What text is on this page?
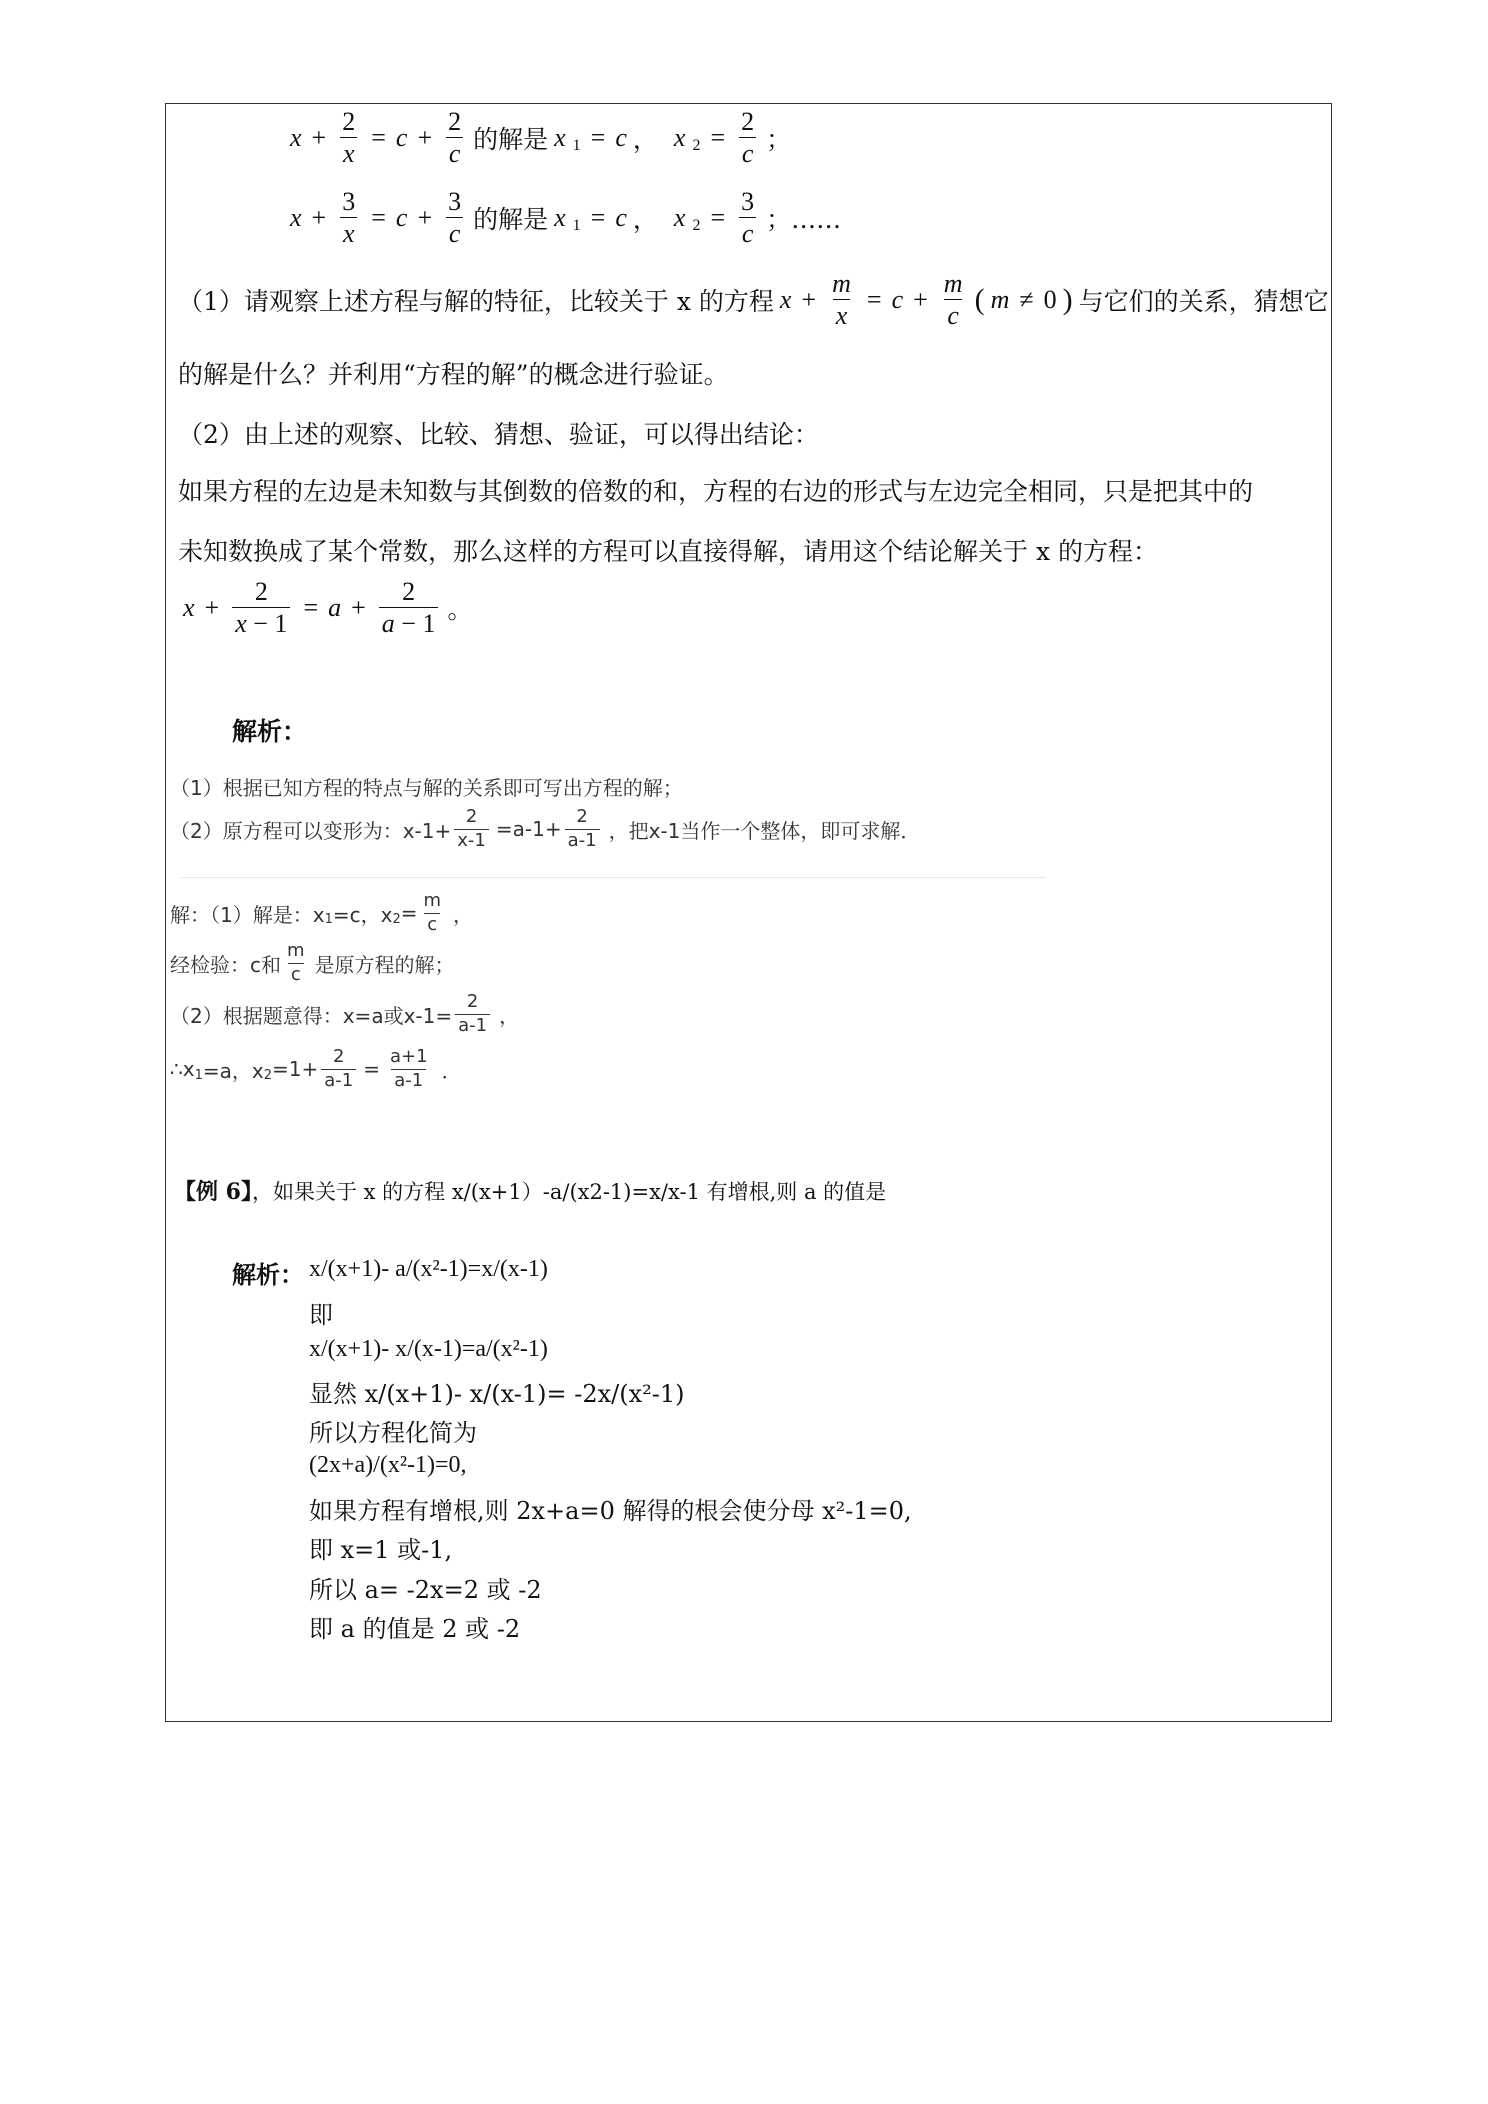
$x + \frac{2}{x} = c + \frac{2}{c}$ 的解是 x 1 = c ， x $2 = \frac{2}{c}$ ；
$x + \frac{3}{x} = c + \frac{3}{c}$ 的解是 x 1 = c ， x $2 = \frac{3}{c}$ ；……
（1）请观察上述方程与解的特征，比较关于 x 的方程 $x + \frac{m}{x} = c + \frac{m}{c}$ ( m ≠ 0 ) 与它们的关系，猜想它
的解是什么？并利用“方程的解”的概念进行验证。
（2）由上述的观察、比较、猜想、验证，可以得出结论：
如果方程的左边是未知数与其倒数的倍数的和，方程的右边的形式与左边完全相同，只是把其中的
未知数换成了某个常数，那么这样的方程可以直接得解，请用这个结论解关于 x 的方程：
$x + \frac{2}{x - 1} = a + \frac{2}{a - 1}$ 。
解析：
（1）根据已知方程的特点与解的关系即可写出方程的解；
（2）原方程可以变形为：$x-1+ \frac{2}{x-1} =a-1+ \frac{2}{a-1}$ ，把x-1当作一个整体，即可求解．
解：（1）解是：x 1 =c，x $2 = \frac{m}{c}$ ，
经检验：c和 $\frac{m}{c}$ 是原方程的解；
（2）根据题意得：x=a或$x-1= \frac{2}{a-1}$ ，
∴x 1 =a，x $2 =1+ \frac{2}{a-1} = \frac{a+1}{a-1}$ ．
【例 6】，如果关于 x 的方程 x/(x+1）-a/(x2-1)=x/x-1 有增根,则 a 的值是
解析： x/(x+1)- a/(x²-1)=x/(x-1)
即
x/(x+1)- x/(x-1)=a/(x²-1)
显然 x/(x+1)- x/(x-1)= -2x/(x²-1)
所以方程化简为
(2x+a)/(x²-1)=0,
如果方程有增根,则 2x+a=0 解得的根会使分母 x²-1=0,
即 x=1 或-1,
所以 a= -2x=2 或 -2
即 a 的值是 2 或 -2
